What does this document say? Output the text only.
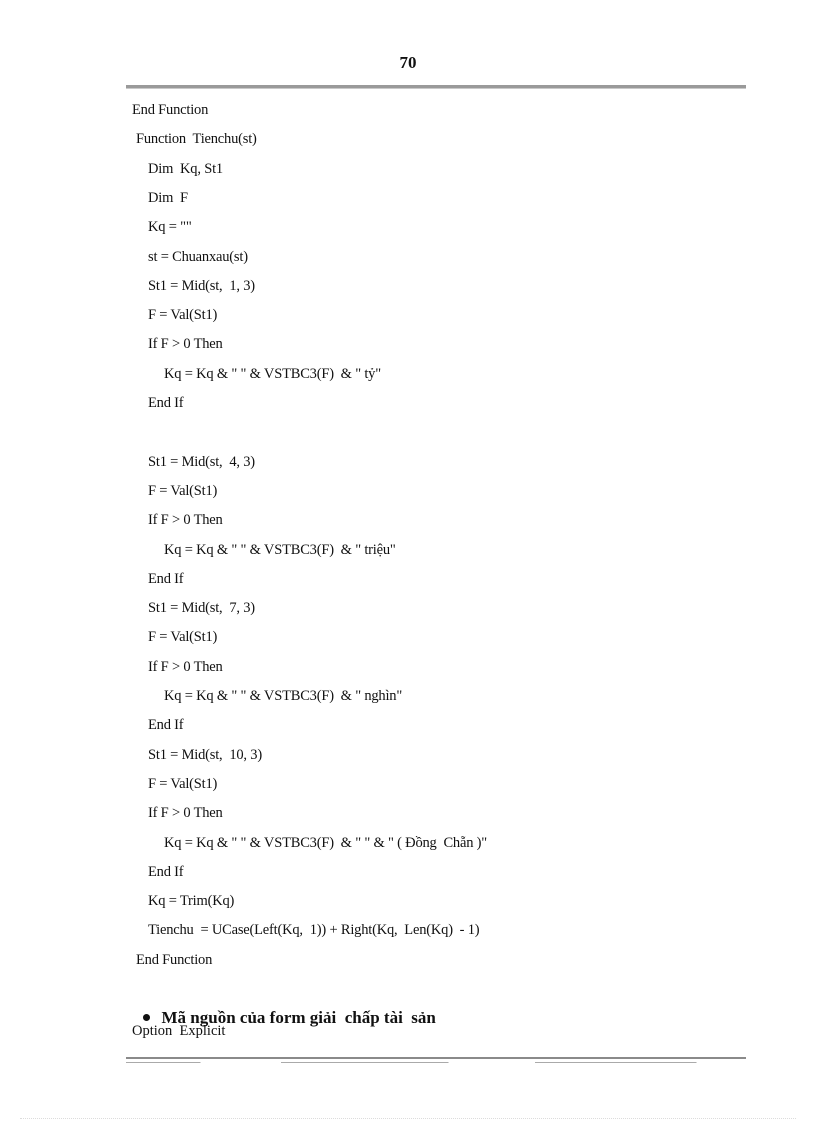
70
End Function
Function  Tienchu(st)
Dim  Kq, St1
Dim  F
Kq = ""
st = Chuanxau(st)
St1 = Mid(st,  1, 3)
F = Val(St1)
If F > 0 Then
Kq = Kq & " " & VSTBC3(F)  & " tỷ"
End If
St1 = Mid(st,  4, 3)
F = Val(St1)
If F > 0 Then
Kq = Kq & " " & VSTBC3(F)  & " triệu"
End If
St1 = Mid(st,  7, 3)
F = Val(St1)
If F > 0 Then
Kq = Kq & " " & VSTBC3(F)  & " nghìn"
End If
St1 = Mid(st,  10, 3)
F = Val(St1)
If F > 0 Then
Kq = Kq & " " & VSTBC3(F)  & " " & " ( Đồng  Chẵn )"
End If
Kq = Trim(Kq)
Tienchu  = UCase(Left(Kq,  1)) + Right(Kq,  Len(Kq)  - 1)
End Function

Mã nguồn của form giải  chấp tài  sản

Option  Explicit
